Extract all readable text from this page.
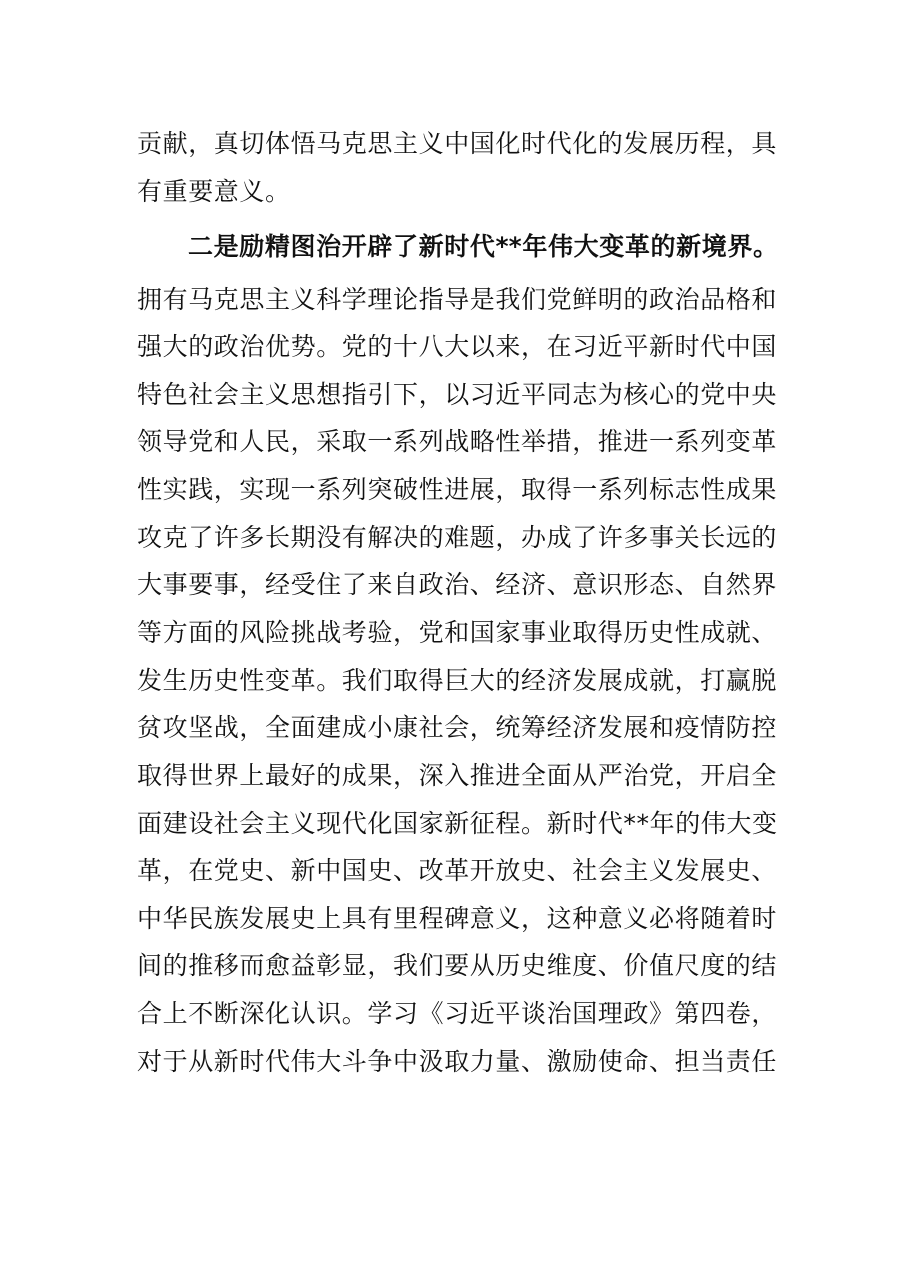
贡献，真切体悟马克思主义中国化时代化的发展历程，具
有重要意义。
二是励精图治开辟了新时代**年伟大变革的新境界。
拥有马克思主义科学理论指导是我们党鲜明的政治品格和
强大的政治优势。党的十八大以来，在习近平新时代中国
特色社会主义思想指引下，以习近平同志为核心的党中央
领导党和人民，采取一系列战略性举措，推进一系列变革
性实践，实现一系列突破性进展，取得一系列标志性成果
攻克了许多长期没有解决的难题，办成了许多事关长远的
大事要事，经受住了来自政治、经济、意识形态、自然界
等方面的风险挑战考验，党和国家事业取得历史性成就、
发生历史性变革。我们取得巨大的经济发展成就，打赢脱
贫攻坚战，全面建成小康社会，统筹经济发展和疫情防控
取得世界上最好的成果，深入推进全面从严治党，开启全
面建设社会主义现代化国家新征程。新时代**年的伟大变
革，在党史、新中国史、改革开放史、社会主义发展史、
中华民族发展史上具有里程碑意义，这种意义必将随着时
间的推移而愈益彰显，我们要从历史维度、价值尺度的结
合上不断深化认识。学习《习近平谈治国理政》第四卷，
对于从新时代伟大斗争中汲取力量、激励使命、担当责任
